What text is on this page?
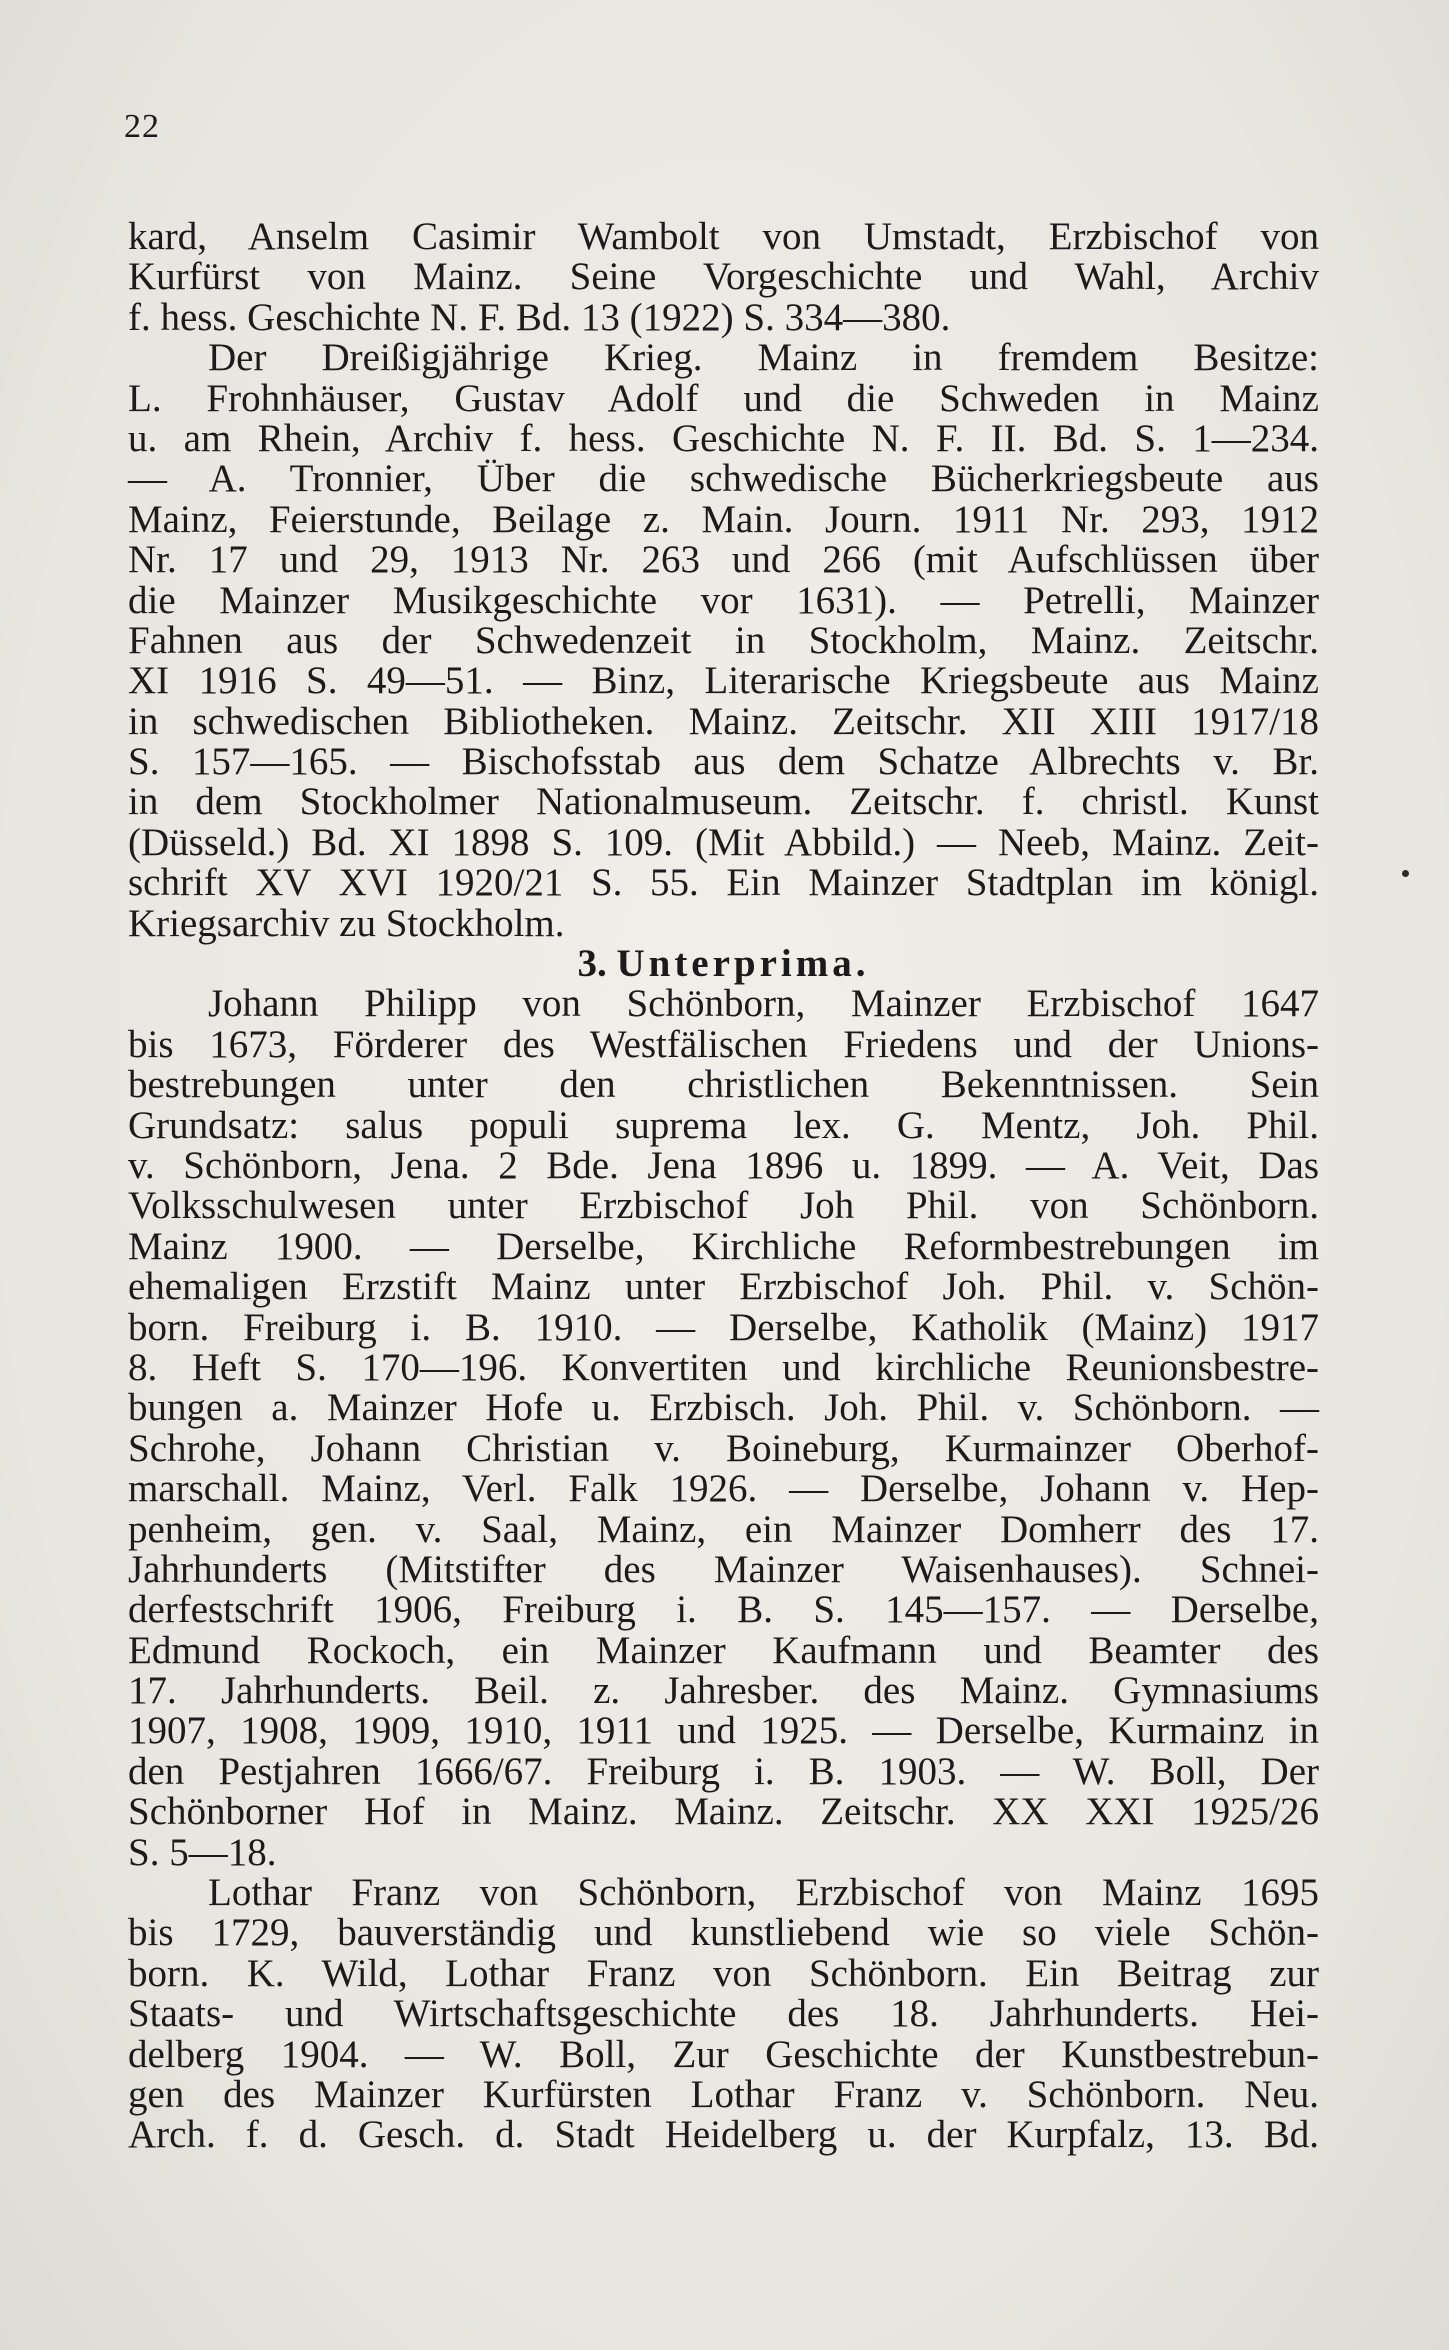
22
kard, Anselm Casimir Wambolt von Umstadt, Erzbischof von
Kurfürst von Mainz. Seine Vorgeschichte und Wahl, Archiv
f. hess. Geschichte N. F. Bd. 13 (1922) S. 334—380.
Der Dreißigjährige Krieg. Mainz in fremdem Besitze:
L. Frohnhäuser, Gustav Adolf und die Schweden in Mainz
u. am Rhein, Archiv f. hess. Geschichte N. F. II. Bd. S. 1—234.
— A. Tronnier, Über die schwedische Bücherkriegsbeute aus
Mainz, Feierstunde, Beilage z. Main. Journ. 1911 Nr. 293, 1912
Nr. 17 und 29, 1913 Nr. 263 und 266 (mit Aufschlüssen über
die Mainzer Musikgeschichte vor 1631). — Petrelli, Mainzer
Fahnen aus der Schwedenzeit in Stockholm, Mainz. Zeitschr.
XI 1916 S. 49—51. — Binz, Literarische Kriegsbeute aus Mainz
in schwedischen Bibliotheken. Mainz. Zeitschr. XII XIII 1917/18
S. 157—165. — Bischofsstab aus dem Schatze Albrechts v. Br.
in dem Stockholmer Nationalmuseum. Zeitschr. f. christl. Kunst
(Düsseld.) Bd. XI 1898 S. 109. (Mit Abbild.) — Neeb, Mainz. Zeit-
schrift XV XVI 1920/21 S. 55. Ein Mainzer Stadtplan im königl.
Kriegsarchiv zu Stockholm.
3. Unterprima.
Johann Philipp von Schönborn, Mainzer Erzbischof 1647
bis 1673, Förderer des Westfälischen Friedens und der Unions-
bestrebungen unter den christlichen Bekenntnissen. Sein
Grundsatz: salus populi suprema lex. G. Mentz, Joh. Phil.
v. Schönborn, Jena. 2 Bde. Jena 1896 u. 1899. — A. Veit, Das
Volksschulwesen unter Erzbischof Joh Phil. von Schönborn.
Mainz 1900. — Derselbe, Kirchliche Reformbestrebungen im
ehemaligen Erzstift Mainz unter Erzbischof Joh. Phil. v. Schön-
born. Freiburg i. B. 1910. — Derselbe, Katholik (Mainz) 1917
8. Heft S. 170—196. Konvertiten und kirchliche Reunionsbestre-
bungen a. Mainzer Hofe u. Erzbisch. Joh. Phil. v. Schönborn. —
Schrohe, Johann Christian v. Boineburg, Kurmainzer Oberhof-
marschall. Mainz, Verl. Falk 1926. — Derselbe, Johann v. Hep-
penheim, gen. v. Saal, Mainz, ein Mainzer Domherr des 17.
Jahrhunderts (Mitstifter des Mainzer Waisenhauses). Schnei-
derfestschrift 1906, Freiburg i. B. S. 145—157. — Derselbe,
Edmund Rockoch, ein Mainzer Kaufmann und Beamter des
17. Jahrhunderts. Beil. z. Jahresber. des Mainz. Gymnasiums
1907, 1908, 1909, 1910, 1911 und 1925. — Derselbe, Kurmainz in
den Pestjahren 1666/67. Freiburg i. B. 1903. — W. Boll, Der
Schönborner Hof in Mainz. Mainz. Zeitschr. XX XXI 1925/26
S. 5—18.
Lothar Franz von Schönborn, Erzbischof von Mainz 1695
bis 1729, bauverständig und kunstliebend wie so viele Schön-
born. K. Wild, Lothar Franz von Schönborn. Ein Beitrag zur
Staats- und Wirtschaftsgeschichte des 18. Jahrhunderts. Hei-
delberg 1904. — W. Boll, Zur Geschichte der Kunstbestrebun-
gen des Mainzer Kurfürsten Lothar Franz v. Schönborn. Neu.
Arch. f. d. Gesch. d. Stadt Heidelberg u. der Kurpfalz, 13. Bd.
